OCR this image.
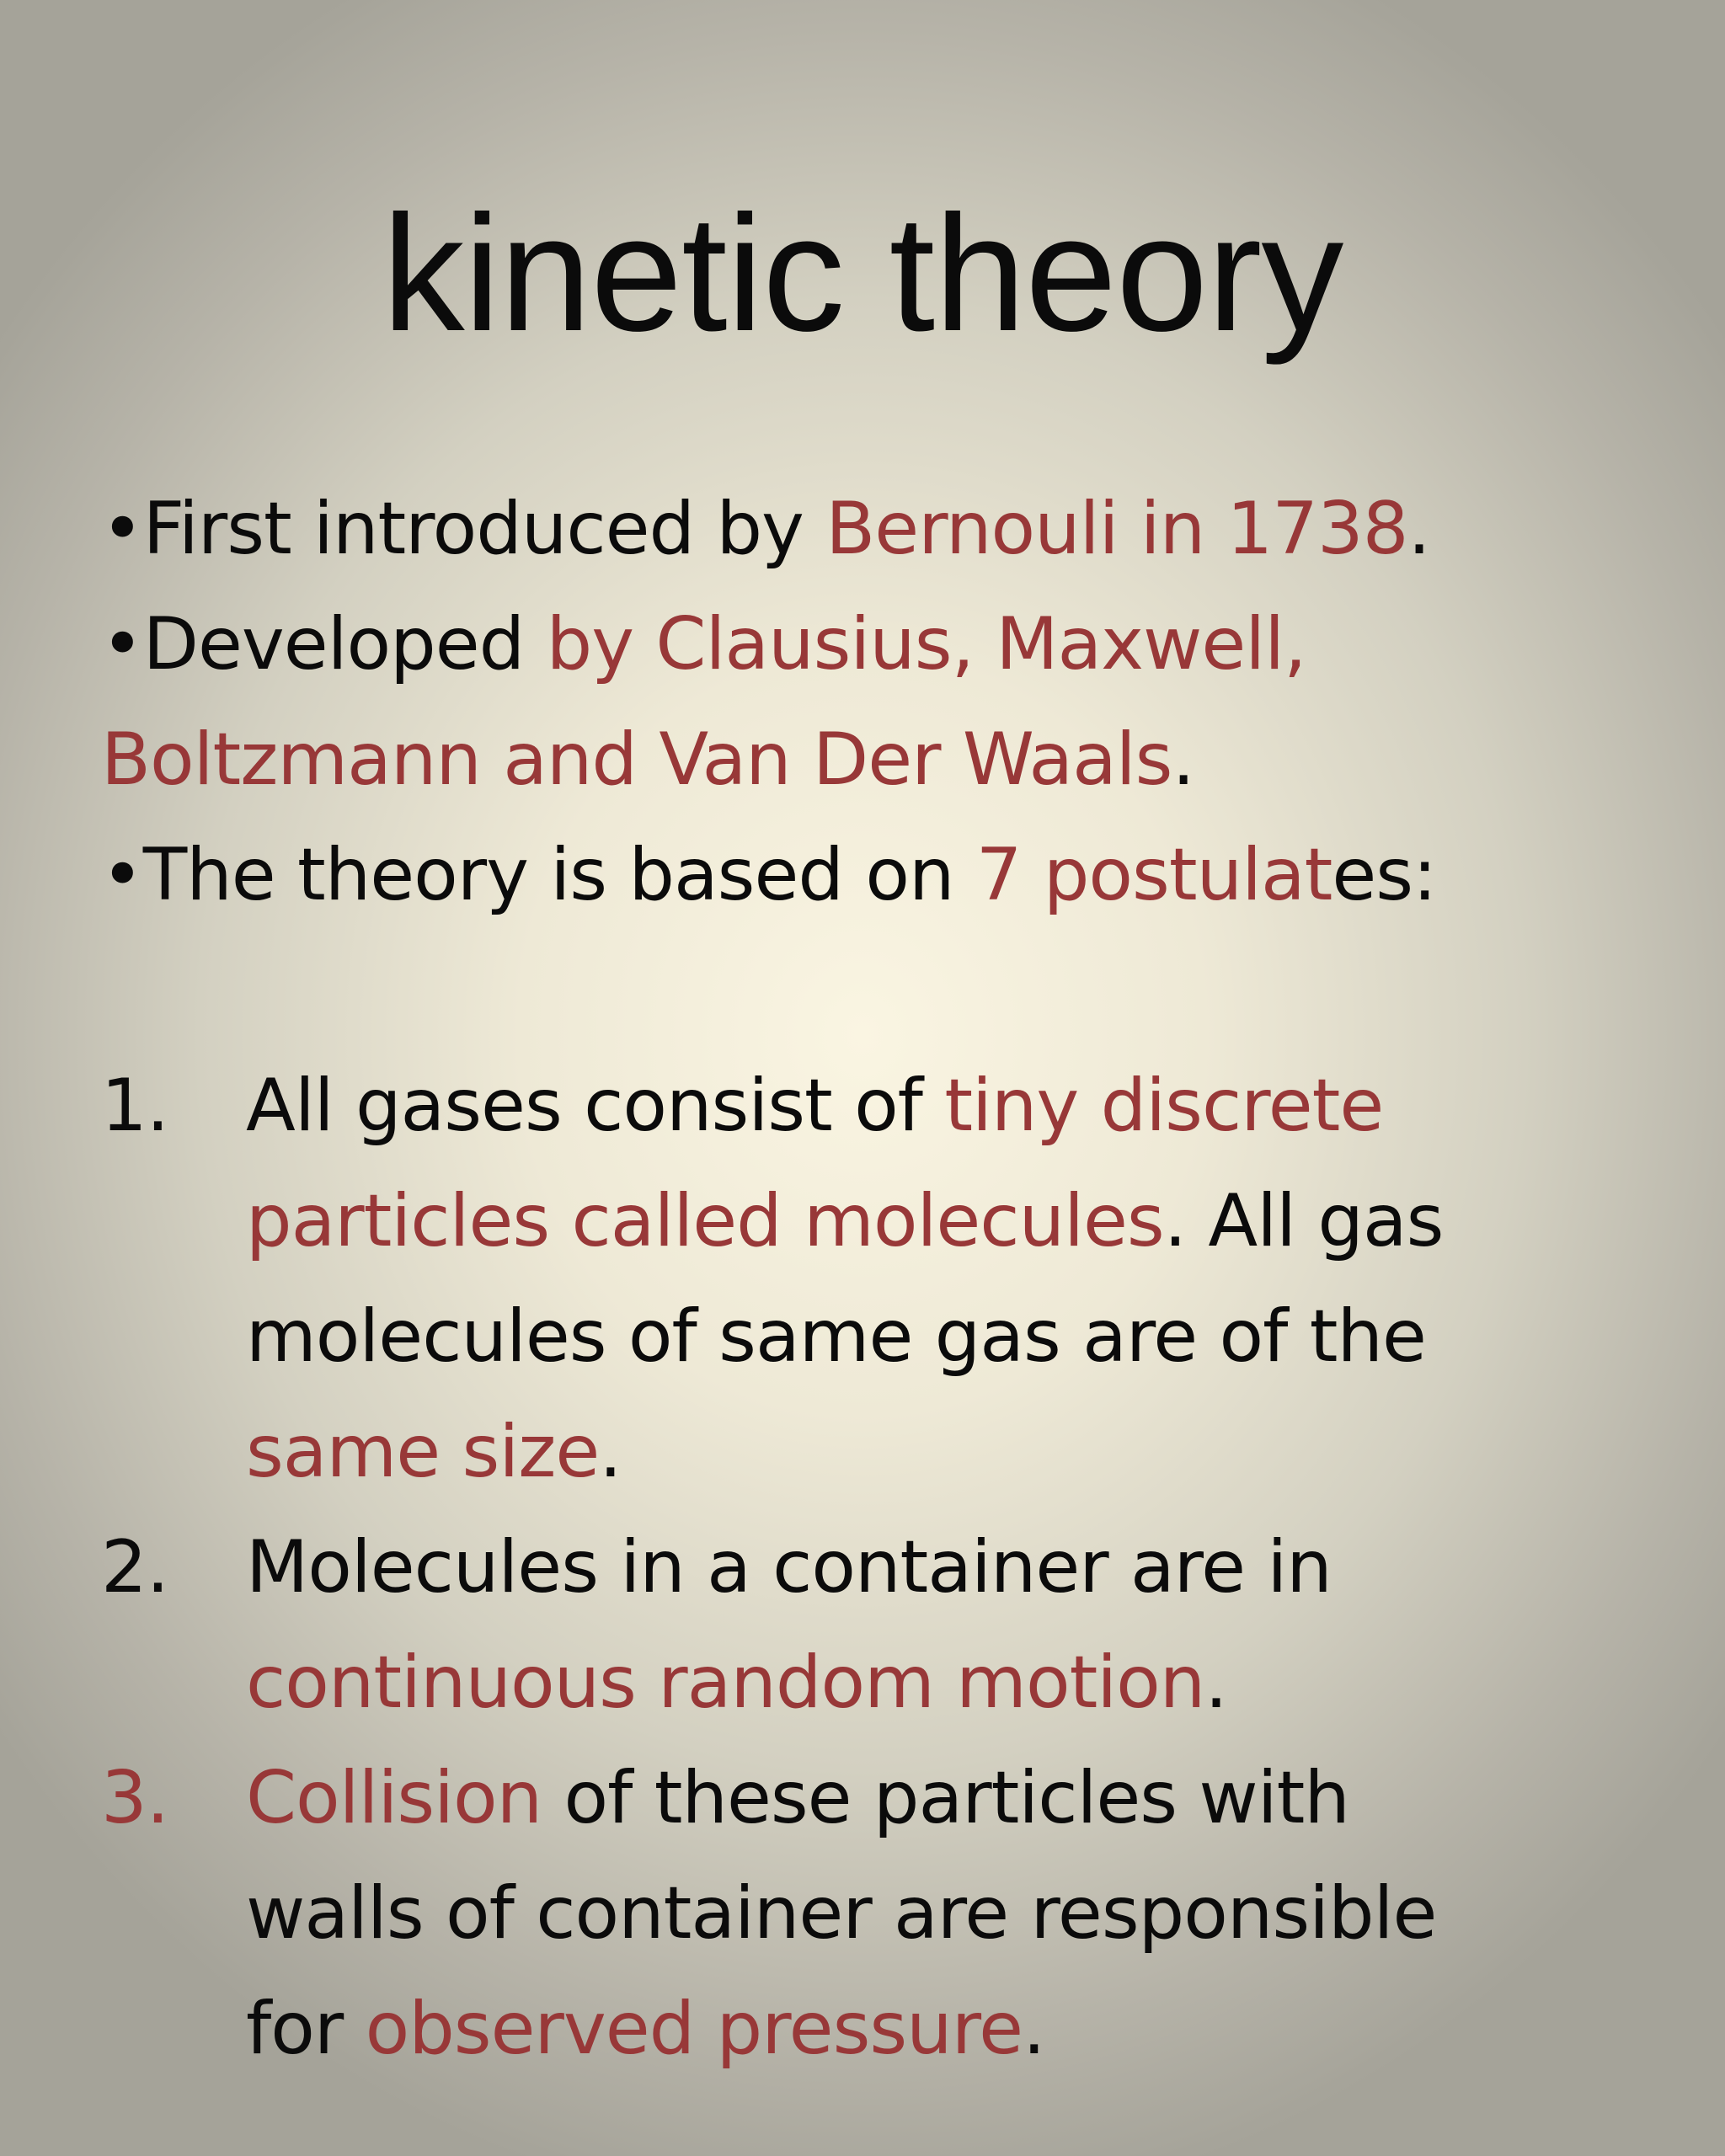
kinetic theory

•First introduced by Bernouli in 1738.

•Developed by Clausius, Maxwell,
Boltzmann and Van Der Waals.

•The theory is based on 7 postulates:

1. All gases consist of tiny discrete
particles called molecules. All gas
molecules of same gas are of the
same size.
2. Molecules in a container are in
continuous random motion.
3. Collision of these particles with
walls of container are responsible
for observed pressure.
